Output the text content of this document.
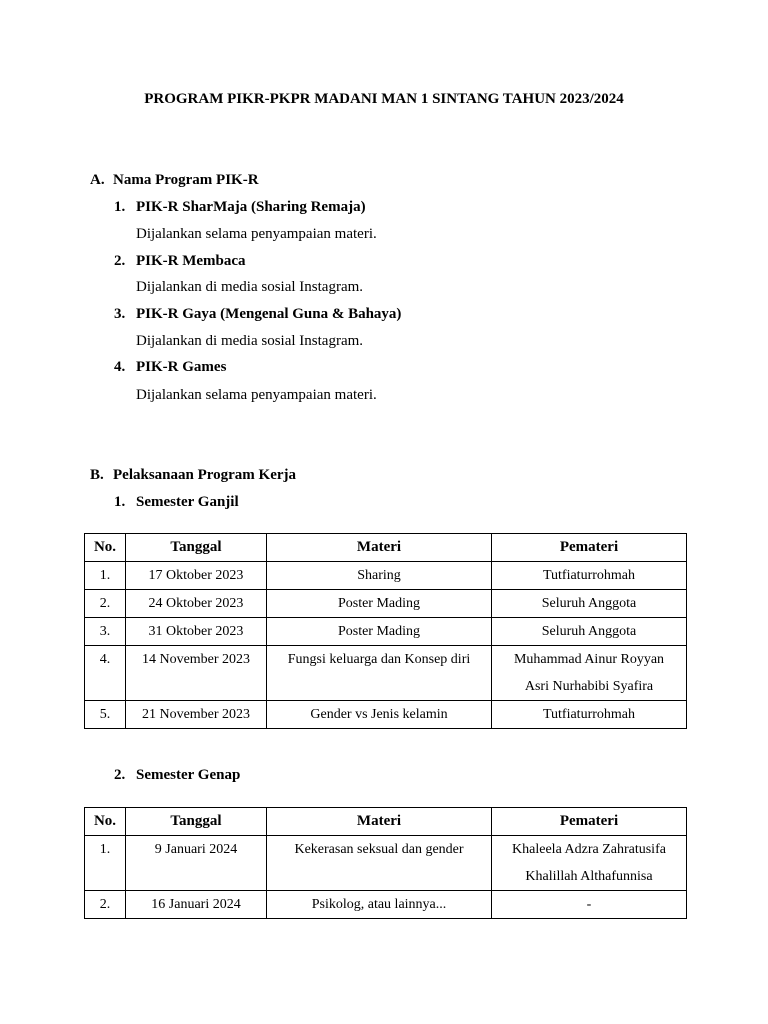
PROGRAM PIKR-PKPR MADANI MAN 1 SINTANG TAHUN 2023/2024
A. Nama Program PIK-R
1. PIK-R SharMaja (Sharing Remaja)
Dijalankan selama penyampaian materi.
2. PIK-R Membaca
Dijalankan di media sosial Instagram.
3. PIK-R Gaya (Mengenal Guna & Bahaya)
Dijalankan di media sosial Instagram.
4. PIK-R Games
Dijalankan selama penyampaian materi.
B. Pelaksanaan Program Kerja
1. Semester Ganjil
No.	Tanggal	Materi	Pemateri
1.	17 Oktober 2023	Sharing	Tutfiaturrohmah

2.	24 Oktober 2023	Poster Mading	Seluruh Anggota

3.	31 Oktober 2023	Poster Mading	Seluruh Anggota

4.	14 November 2023	Fungsi keluarga dan Konsep diri	Muhammad Ainur Royyan
Asri Nurhabibi Syafira

5.	21 November 2023	Gender vs Jenis kelamin	Tutfiaturrohmah
2. Semester Genap
No.	Tanggal	Materi	Pemateri
1.	9 Januari 2024	Kekerasan seksual dan gender	Khaleela Adzra Zahratusifa
Khalillah Althafunnisa

2.	16 Januari 2024	Psikolog, atau lainnya...	-
